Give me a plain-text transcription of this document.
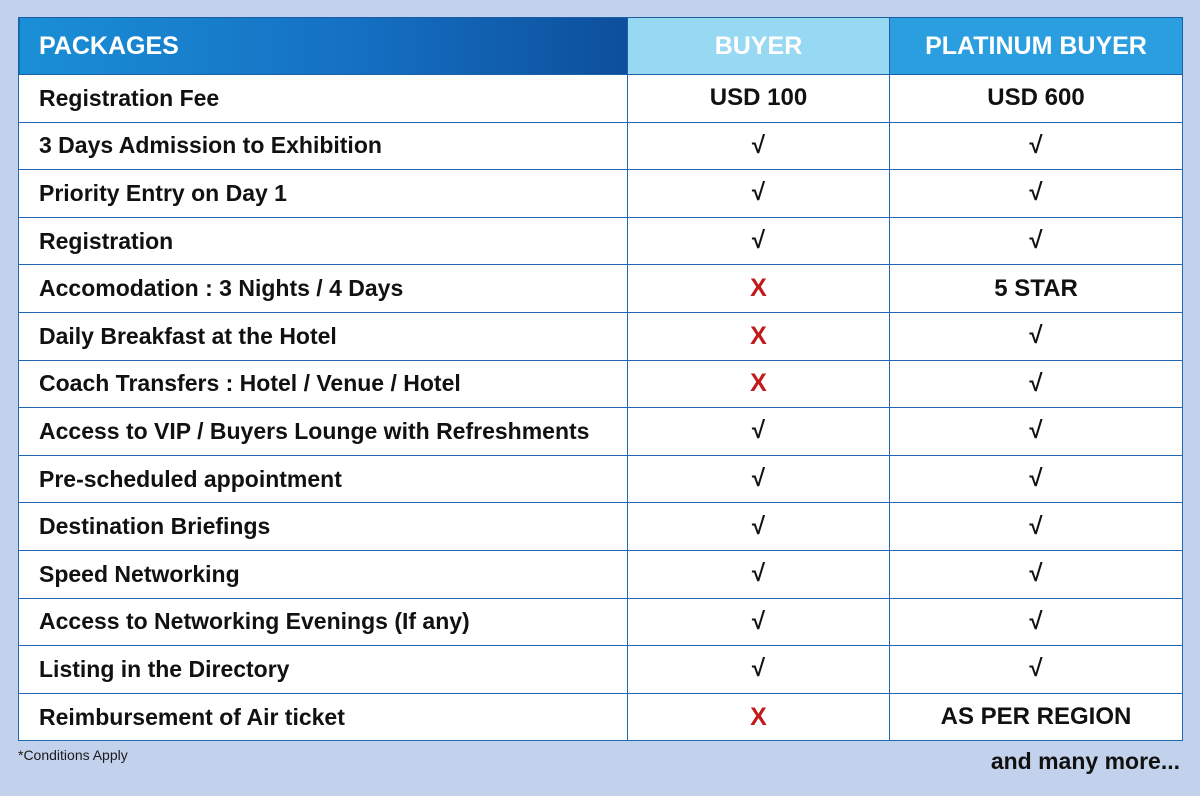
PACKAGES	BUYER	PLATINUM BUYER
Registration Fee	USD 100	USD 600
3 Days Admission to Exhibition	√	√
Priority Entry on Day 1	√	√
Registration	√	√
Accomodation : 3 Nights / 4 Days	X	5 STAR
Daily Breakfast at the Hotel	X	√
Coach Transfers : Hotel / Venue / Hotel	X	√
Access to VIP / Buyers Lounge with Refreshments	√	√
Pre-scheduled appointment	√	√
Destination Briefings	√	√
Speed Networking	√	√
Access to Networking Evenings (If any)	√	√
Listing in the Directory	√	√
Reimbursement of Air ticket	X	AS PER REGION
*Conditions Apply	and many more...
